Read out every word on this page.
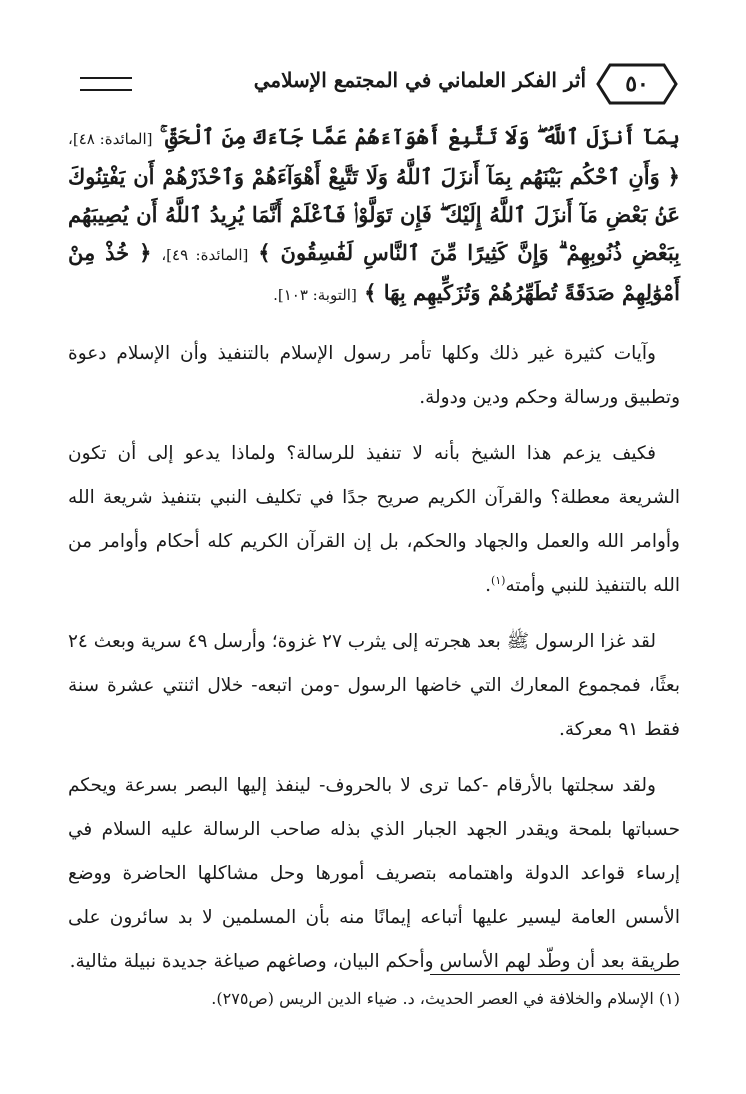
٥٠
أثر الفكر العلماني في المجتمع الإسلامي

بِمَآ أَنزَلَ ٱللَّهُ ۖ وَلَا تَتَّبِعْ أَهْوَآءَهُمْ عَمَّا جَآءَكَ مِنَ ٱلْحَقِّ ۚ [المائدة: ٤٨]، ﴿ وَأَنِ ٱحْكُم بَيْنَهُم بِمَآ أَنزَلَ ٱللَّهُ وَلَا تَتَّبِعْ أَهْوَآءَهُمْ وَٱحْذَرْهُمْ أَن يَفْتِنُوكَ عَنۢ بَعْضِ مَآ أَنزَلَ ٱللَّهُ إِلَيْكَ ۖ فَإِن تَوَلَّوْا۟ فَٱعْلَمْ أَنَّمَا يُرِيدُ ٱللَّهُ أَن يُصِيبَهُم بِبَعْضِ ذُنُوبِهِمْ ۗ وَإِنَّ كَثِيرًا مِّنَ ٱلنَّاسِ لَفَٰسِقُونَ ﴾ [المائدة: ٤٩]، ﴿ خُذْ مِنْ أَمْوَٰلِهِمْ صَدَقَةً تُطَهِّرُهُمْ وَتُزَكِّيهِم بِهَا ﴾ [التوبة: ١٠٣].

وآيات كثيرة غير ذلك وكلها تأمر رسول الإسلام بالتنفيذ وأن الإسلام دعوة وتطبيق ورسالة وحكم ودين ودولة.

فكيف يزعم هذا الشيخ بأنه لا تنفيذ للرسالة؟ ولماذا يدعو إلى أن تكون الشريعة معطلة؟ والقرآن الكريم صريح جدًا في تكليف النبي بتنفيذ شريعة الله وأوامر الله والعمل والجهاد والحكم، بل إن القرآن الكريم كله أحكام وأوامر من الله بالتنفيذ للنبي وأمته$^{(١)}$.

لقد غزا الرسول ﷺ بعد هجرته إلى يثرب ٢٧ غزوة؛ وأرسل ٤٩ سرية وبعث ٢٤ بعثًا، فمجموع المعارك التي خاضها الرسول -ومن اتبعه- خلال اثنتي عشرة سنة فقط ٩١ معركة.

ولقد سجلتها بالأرقام -كما ترى لا بالحروف- لينفذ إليها البصر بسرعة ويحكم حسباتها بلمحة ويقدر الجهد الجبار الذي بذله صاحب الرسالة عليه السلام في إرساء قواعد الدولة واهتمامه بتصريف أمورها وحل مشاكلها الحاضرة ووضع الأسس العامة ليسير عليها أتباعه إيمانًا منه بأن المسلمين لا بد سائرون على طريقة بعد أن وطّد لهم الأساس وأحكم البيان، وصاغهم صياغة جديدة نبيلة مثالية.

(١) الإسلام والخلافة في العصر الحديث، د. ضياء الدين الريس (ص٢٧٥).
